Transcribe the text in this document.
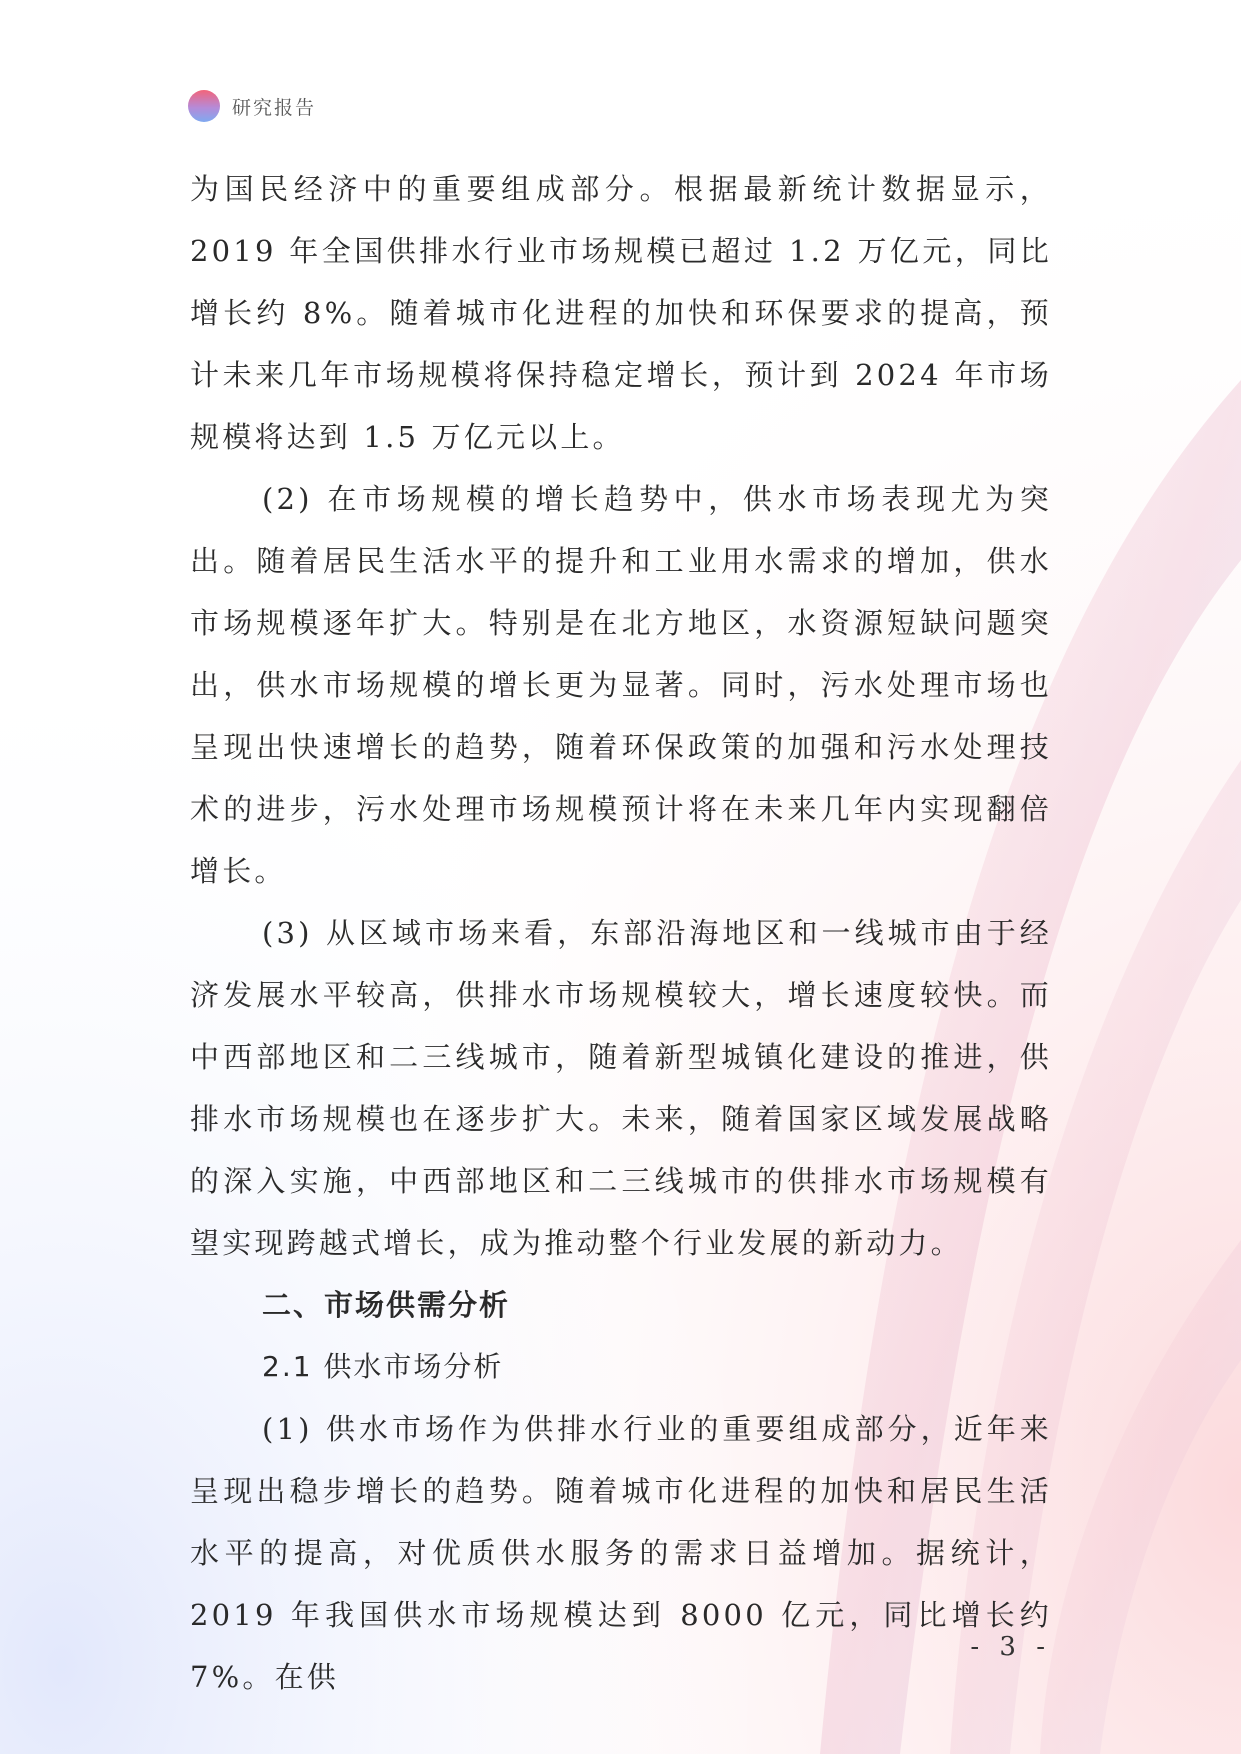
研究报告

为国民经济中的重要组成部分。根据最新统计数据显示，2019 年全国供排水行业市场规模已超过 1.2 万亿元，同比增长约 8%。随着城市化进程的加快和环保要求的提高，预计未来几年市场规模将保持稳定增长，预计到 2024 年市场规模将达到 1.5 万亿元以上。

(2) 在市场规模的增长趋势中，供水市场表现尤为突出。随着居民生活水平的提升和工业用水需求的增加，供水市场规模逐年扩大。特别是在北方地区，水资源短缺问题突出，供水市场规模的增长更为显著。同时，污水处理市场也呈现出快速增长的趋势，随着环保政策的加强和污水处理技术的进步，污水处理市场规模预计将在未来几年内实现翻倍增长。

(3) 从区域市场来看，东部沿海地区和一线城市由于经济发展水平较高，供排水市场规模较大，增长速度较快。而中西部地区和二三线城市，随着新型城镇化建设的推进，供排水市场规模也在逐步扩大。未来，随着国家区域发展战略的深入实施，中西部地区和二三线城市的供排水市场规模有望实现跨越式增长，成为推动整个行业发展的新动力。

二、市场供需分析
2.1 供水市场分析

(1) 供水市场作为供排水行业的重要组成部分，近年来呈现出稳步增长的趋势。随着城市化进程的加快和居民生活水平的提高，对优质供水服务的需求日益增加。据统计，2019 年我国供水市场规模达到 8000 亿元，同比增长约 7%。在供

- 3 -
